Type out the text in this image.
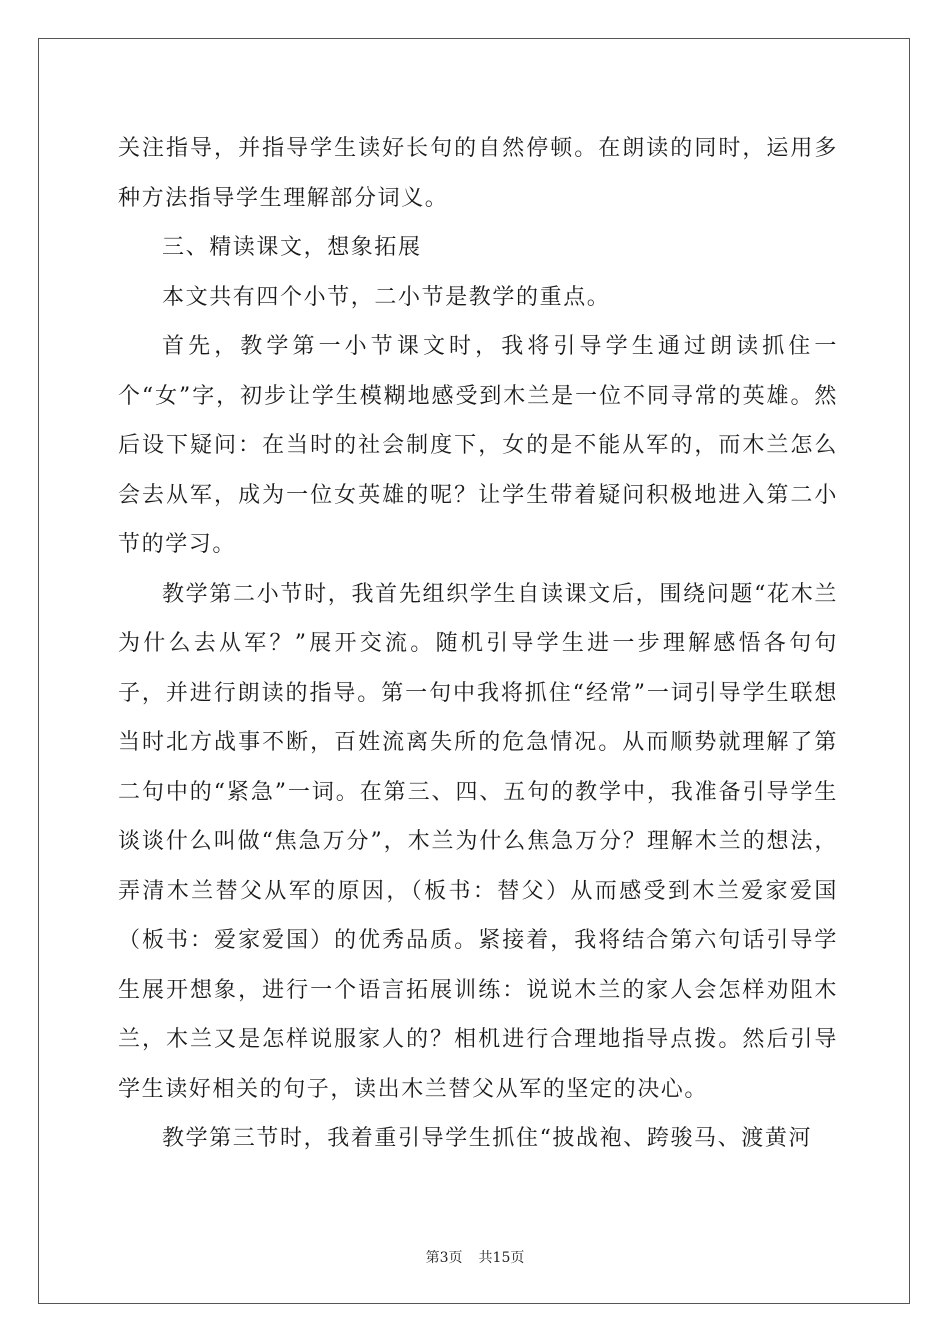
关注指导，并指导学生读好长句的自然停顿。在朗读的同时，运用多种方法指导学生理解部分词义。

三、精读课文，想象拓展

本文共有四个小节，二小节是教学的重点。

首先，教学第一小节课文时，我将引导学生通过朗读抓住一个“女”字，初步让学生模糊地感受到木兰是一位不同寻常的英雄。然后设下疑问：在当时的社会制度下，女的是不能从军的，而木兰怎么会去从军，成为一位女英雄的呢？让学生带着疑问积极地进入第二小节的学习。

教学第二小节时，我首先组织学生自读课文后，围绕问题“花木兰为什么去从军？”展开交流。随机引导学生进一步理解感悟各句句子，并进行朗读的指导。第一句中我将抓住“经常”一词引导学生联想当时北方战事不断，百姓流离失所的危急情况。从而顺势就理解了第二句中的“紧急”一词。在第三、四、五句的教学中，我准备引导学生谈谈什么叫做“焦急万分”，木兰为什么焦急万分？理解木兰的想法，弄清木兰替父从军的原因，（板书：替父）从而感受到木兰爱家爱国（板书：爱家爱国）的优秀品质。紧接着，我将结合第六句话引导学生展开想象，进行一个语言拓展训练：说说木兰的家人会怎样劝阻木兰，木兰又是怎样说服家人的？相机进行合理地指导点拨。然后引导学生读好相关的句子，读出木兰替父从军的坚定的决心。

教学第三节时，我着重引导学生抓住“披战袍、跨骏马、渡黄河

第3页 共15页
